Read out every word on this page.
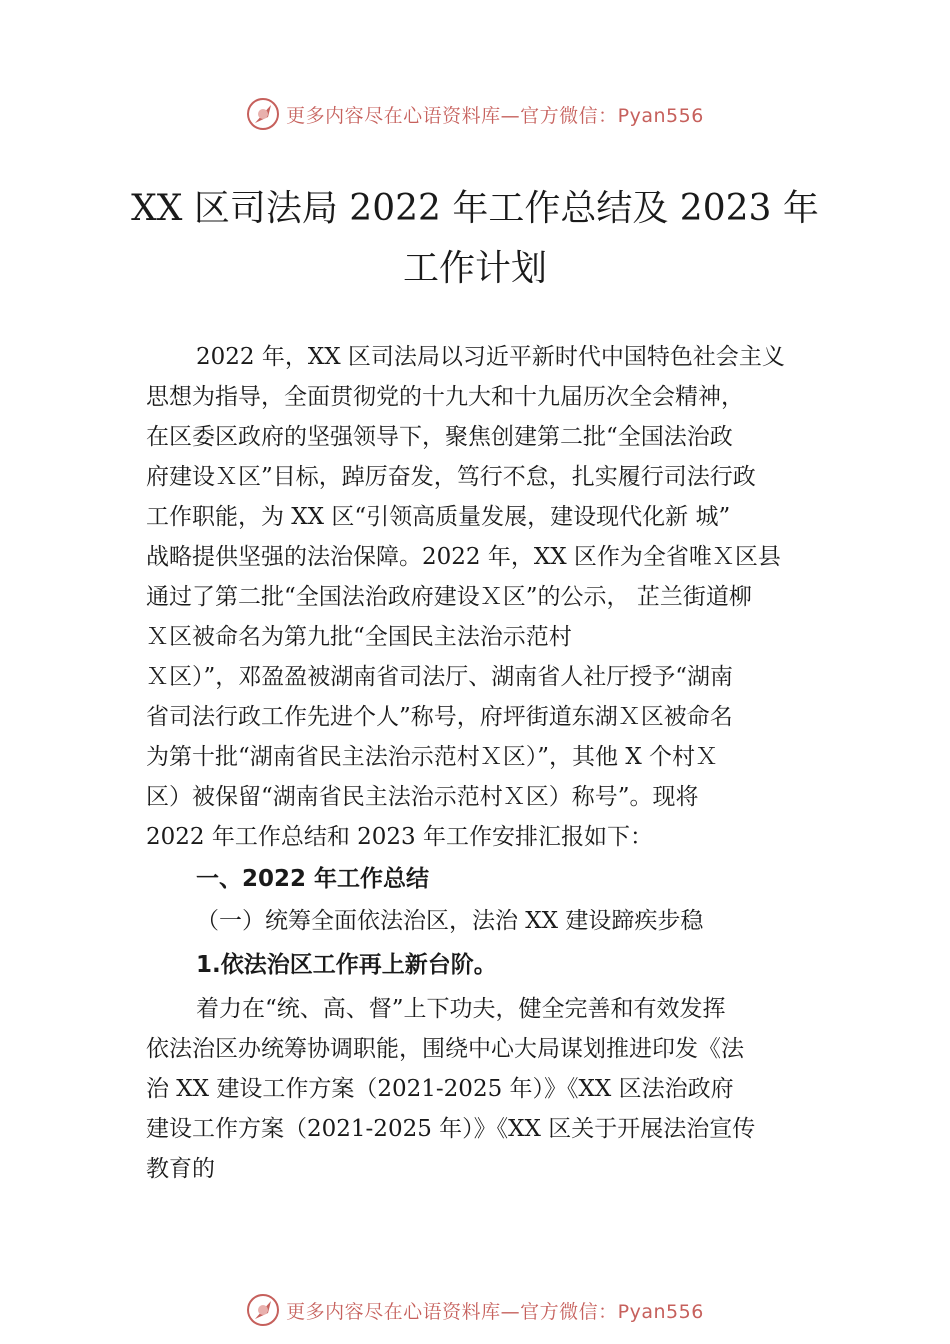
更多内容尽在心语资料库—官方微信：Pyan556
XX 区司法局 2022 年工作总结及 2023 年
工作计划
2022 年，XX 区司法局以习近平新时代中国特色社会主义
思想为指导，全面贯彻党的十九大和十九届历次全会精神，
在区委区政府的坚强领导下，聚焦创建第二批“全国法治政
府建设Ｘ区”目标，踔厉奋发，笃行不怠，扎实履行司法行政
工作职能，为 XX 区“引领高质量发展，建设现代化新 城”
战略提供坚强的法治保障。2022 年，XX 区作为全省唯Ｘ区县
通过了第二批“全国法治政府建设Ｘ区”的公示， 芷兰街道柳
Ｘ区被命名为第九批“全国民主法治示范村
Ｘ区）”，邓盈盈被湖南省司法厅、湖南省人社厅授予“湖南
省司法行政工作先进个人”称号，府坪街道东湖Ｘ区被命名
为第十批“湖南省民主法治示范村Ｘ区）”，其他 X 个村Ｘ
区）被保留“湖南省民主法治示范村Ｘ区）称号”。现将
2022 年工作总结和 2023 年工作安排汇报如下：
一、2022 年工作总结
（一）统筹全面依法治区，法治 XX 建设蹄疾步稳
1.依法治区工作再上新台阶。
着力在“统、高、督”上下功夫，健全完善和有效发挥
依法治区办统筹协调职能，围绕中心大局谋划推进印发《法
治 XX 建设工作方案（2021-2025 年）》《XX 区法治政府
建设工作方案（2021-2025 年）》《XX 区关于开展法治宣传
教育的
更多内容尽在心语资料库—官方微信：Pyan556
